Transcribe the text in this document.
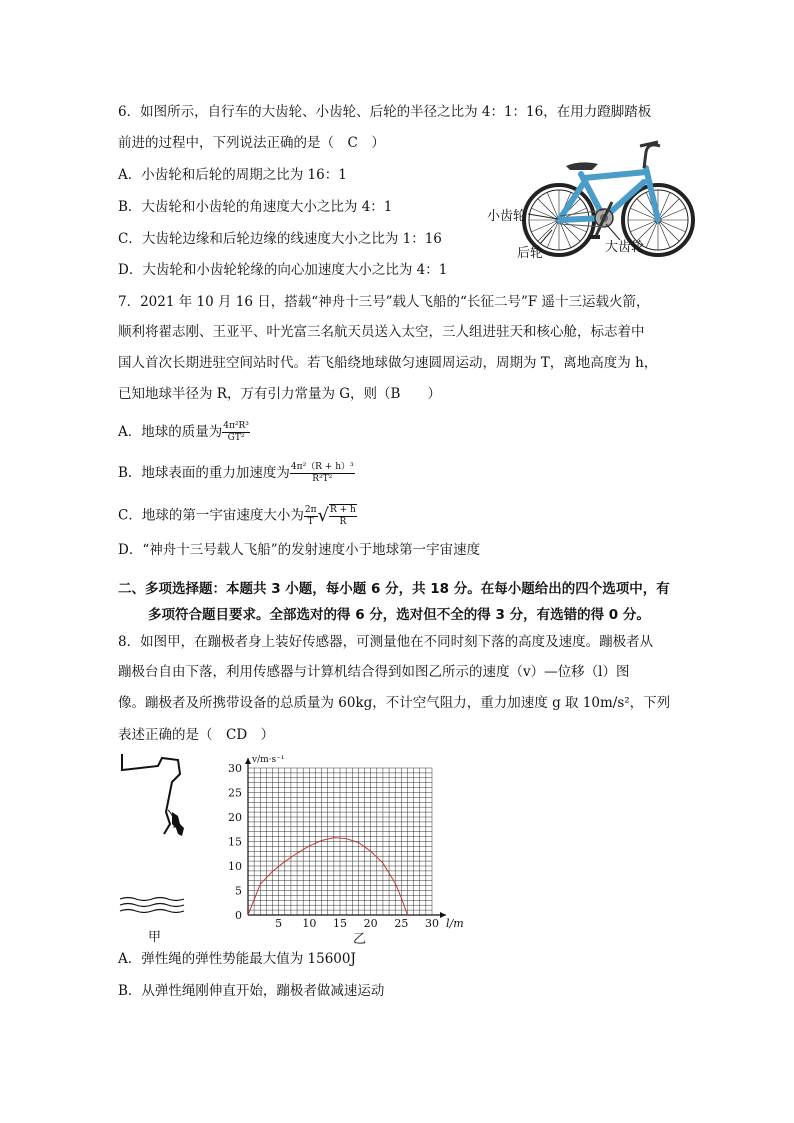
6．如图所示，自行车的大齿轮、小齿轮、后轮的半径之比为 4：1：16，在用力蹬脚踏板
前进的过程中，下列说法正确的是（　C　）
A．小齿轮和后轮的周期之比为 16：1
B．大齿轮和小齿轮的角速度大小之比为 4：1
C．大齿轮边缘和后轮边缘的线速度大小之比为 1：16
D．大齿轮和小齿轮轮缘的向心加速度大小之比为 4：1
小齿轮
后轮	大齿轮
7．2021 年 10 月 16 日，搭载“神舟十三号”载人飞船的“长征二号”F 遥十三运载火箭，
顺利将翟志刚、王亚平、叶光富三名航天员送入太空，三人组进驻天和核心舱，标志着中
国人首次长期进驻空间站时代。若飞船绕地球做匀速圆周运动，周期为 T，离地高度为 h，
已知地球半径为 R，万有引力常量为 G，则（B　　）
A．地球的质量为 $\frac{\text{4π²R³}}{\text{GT²}}$
B．地球表面的重力加速度为 $\frac{\text{4π²（R + h）³}}{\text{R²T²}}$
C．地球的第一宇宙速度大小为 $\frac{2\pi}{T}$ √ $\frac{R + h}{R}$
D．“神舟十三号载人飞船”的发射速度小于地球第一宇宙速度
二、多项选择题：本题共 3 小题，每小题 6 分，共 18 分。在每小题给出的四个选项中，有
多项符合题目要求。全部选对的得 6 分，选对但不全的得 3 分，有选错的得 0 分。
8．如图甲，在蹦极者身上装好传感器，可测量他在不同时刻下落的高度及速度。蹦极者从
蹦极台自由下落，利用传感器与计算机结合得到如图乙所示的速度（v）—位移（l）图
像。蹦极者及所携带设备的总质量为 60kg，不计空气阻力，重力加速度 g 取 10m/s²，下列
表述正确的是（　CD　）
甲
5 10 15 20 25 30
0
5
10
15
20
25
30
l/m
v/m·s⁻¹
乙
A．弹性绳的弹性势能最大值为 15600J
B．从弹性绳刚伸直开始，蹦极者做减速运动
